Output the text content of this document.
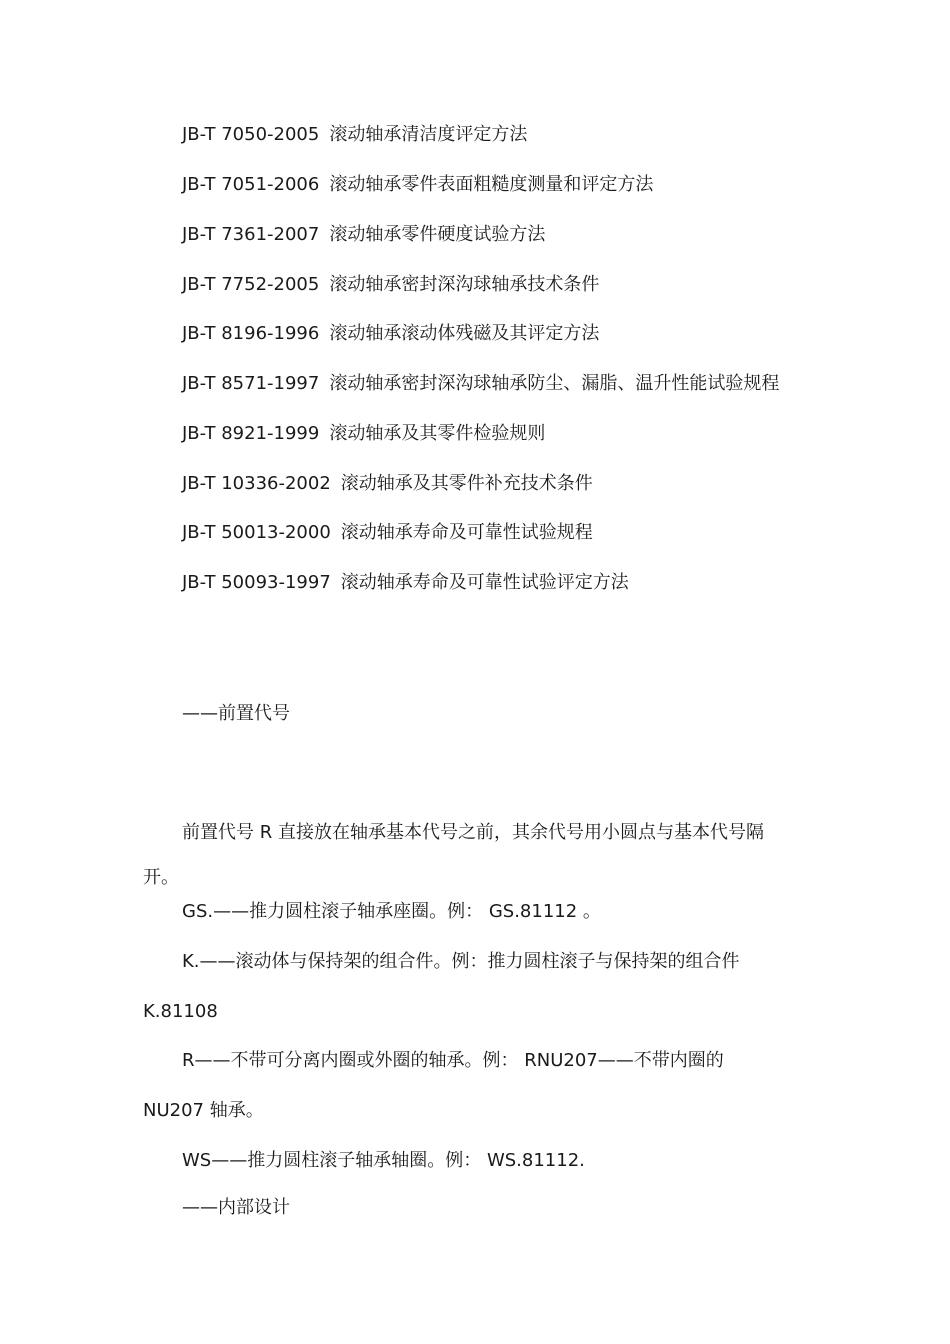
JB-T 7050-2005 滚动轴承清洁度评定方法
JB-T 7051-2006 滚动轴承零件表面粗糙度测量和评定方法
JB-T 7361-2007 滚动轴承零件硬度试验方法
JB-T 7752-2005 滚动轴承密封深沟球轴承技术条件
JB-T 8196-1996 滚动轴承滚动体残磁及其评定方法
JB-T 8571-1997 滚动轴承密封深沟球轴承防尘、漏脂、温升性能试验规程
JB-T 8921-1999 滚动轴承及其零件检验规则
JB-T 10336-2002 滚动轴承及其零件补充技术条件
JB-T 50013-2000 滚动轴承寿命及可靠性试验规程
JB-T 50093-1997 滚动轴承寿命及可靠性试验评定方法
——前置代号
前置代号 R 直接放在轴承基本代号之前，其余代号用小圆点与基本代号隔
开。
GS.——推力圆柱滚子轴承座圈。例： GS.81112 。
K.——滚动体与保持架的组合件。例：推力圆柱滚子与保持架的组合件
K.81108
R——不带可分离内圈或外圈的轴承。例： RNU207——不带内圈的
NU207 轴承。
WS——推力圆柱滚子轴承轴圈。例： WS.81112.
——内部设计
